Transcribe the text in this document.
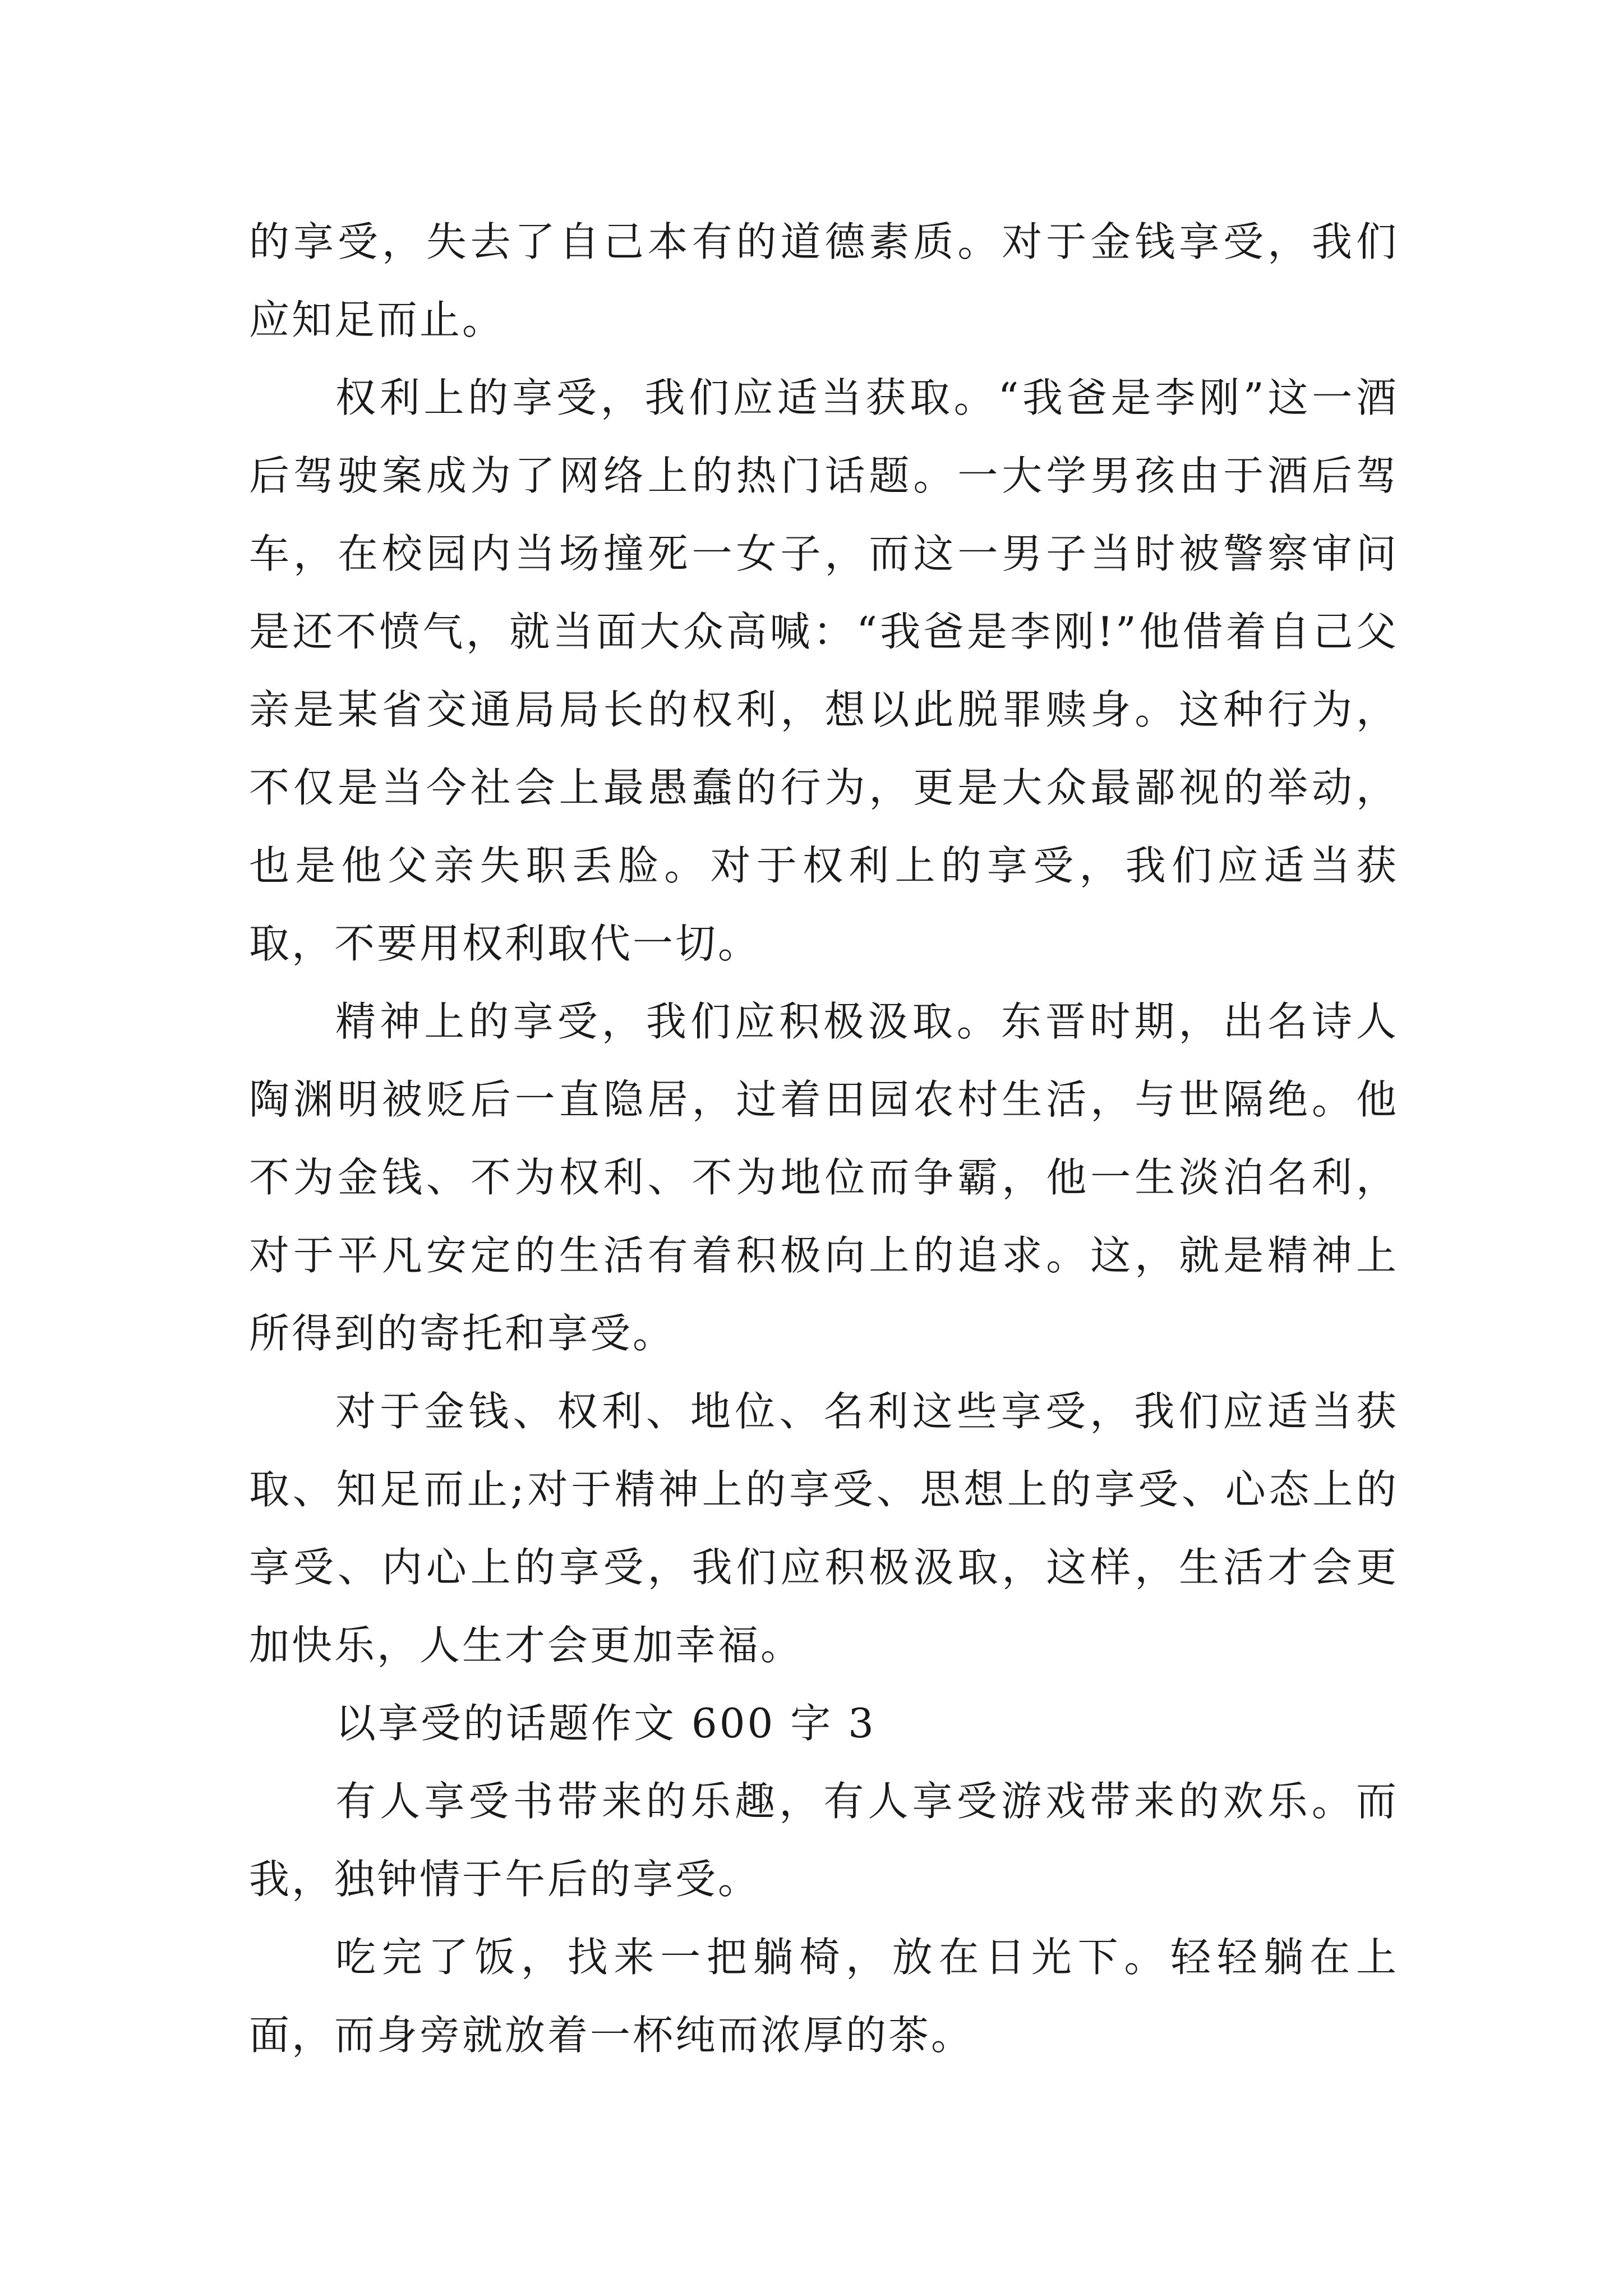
的享受，失去了自己本有的道德素质。对于金钱享受，我们应知足而止。

权利上的享受，我们应适当获取。“我爸是李刚”这一酒后驾驶案成为了网络上的热门话题。一大学男孩由于酒后驾车，在校园内当场撞死一女子，而这一男子当时被警察审问是还不愤气，就当面大众高喊：“我爸是李刚!”他借着自己父亲是某省交通局局长的权利，想以此脱罪赎身。这种行为，不仅是当今社会上最愚蠢的行为，更是大众最鄙视的举动，也是他父亲失职丢脸。对于权利上的享受，我们应适当获取，不要用权利取代一切。

精神上的享受，我们应积极汲取。东晋时期，出名诗人陶渊明被贬后一直隐居，过着田园农村生活，与世隔绝。他不为金钱、不为权利、不为地位而争霸，他一生淡泊名利，对于平凡安定的生活有着积极向上的追求。这，就是精神上所得到的寄托和享受。

对于金钱、权利、地位、名利这些享受，我们应适当获取、知足而止;对于精神上的享受、思想上的享受、心态上的享受、内心上的享受，我们应积极汲取，这样，生活才会更加快乐，人生才会更加幸福。

以享受的话题作文 600 字 3

有人享受书带来的乐趣，有人享受游戏带来的欢乐。而我，独钟情于午后的享受。

吃完了饭，找来一把躺椅，放在日光下。轻轻躺在上面，而身旁就放着一杯纯而浓厚的茶。
